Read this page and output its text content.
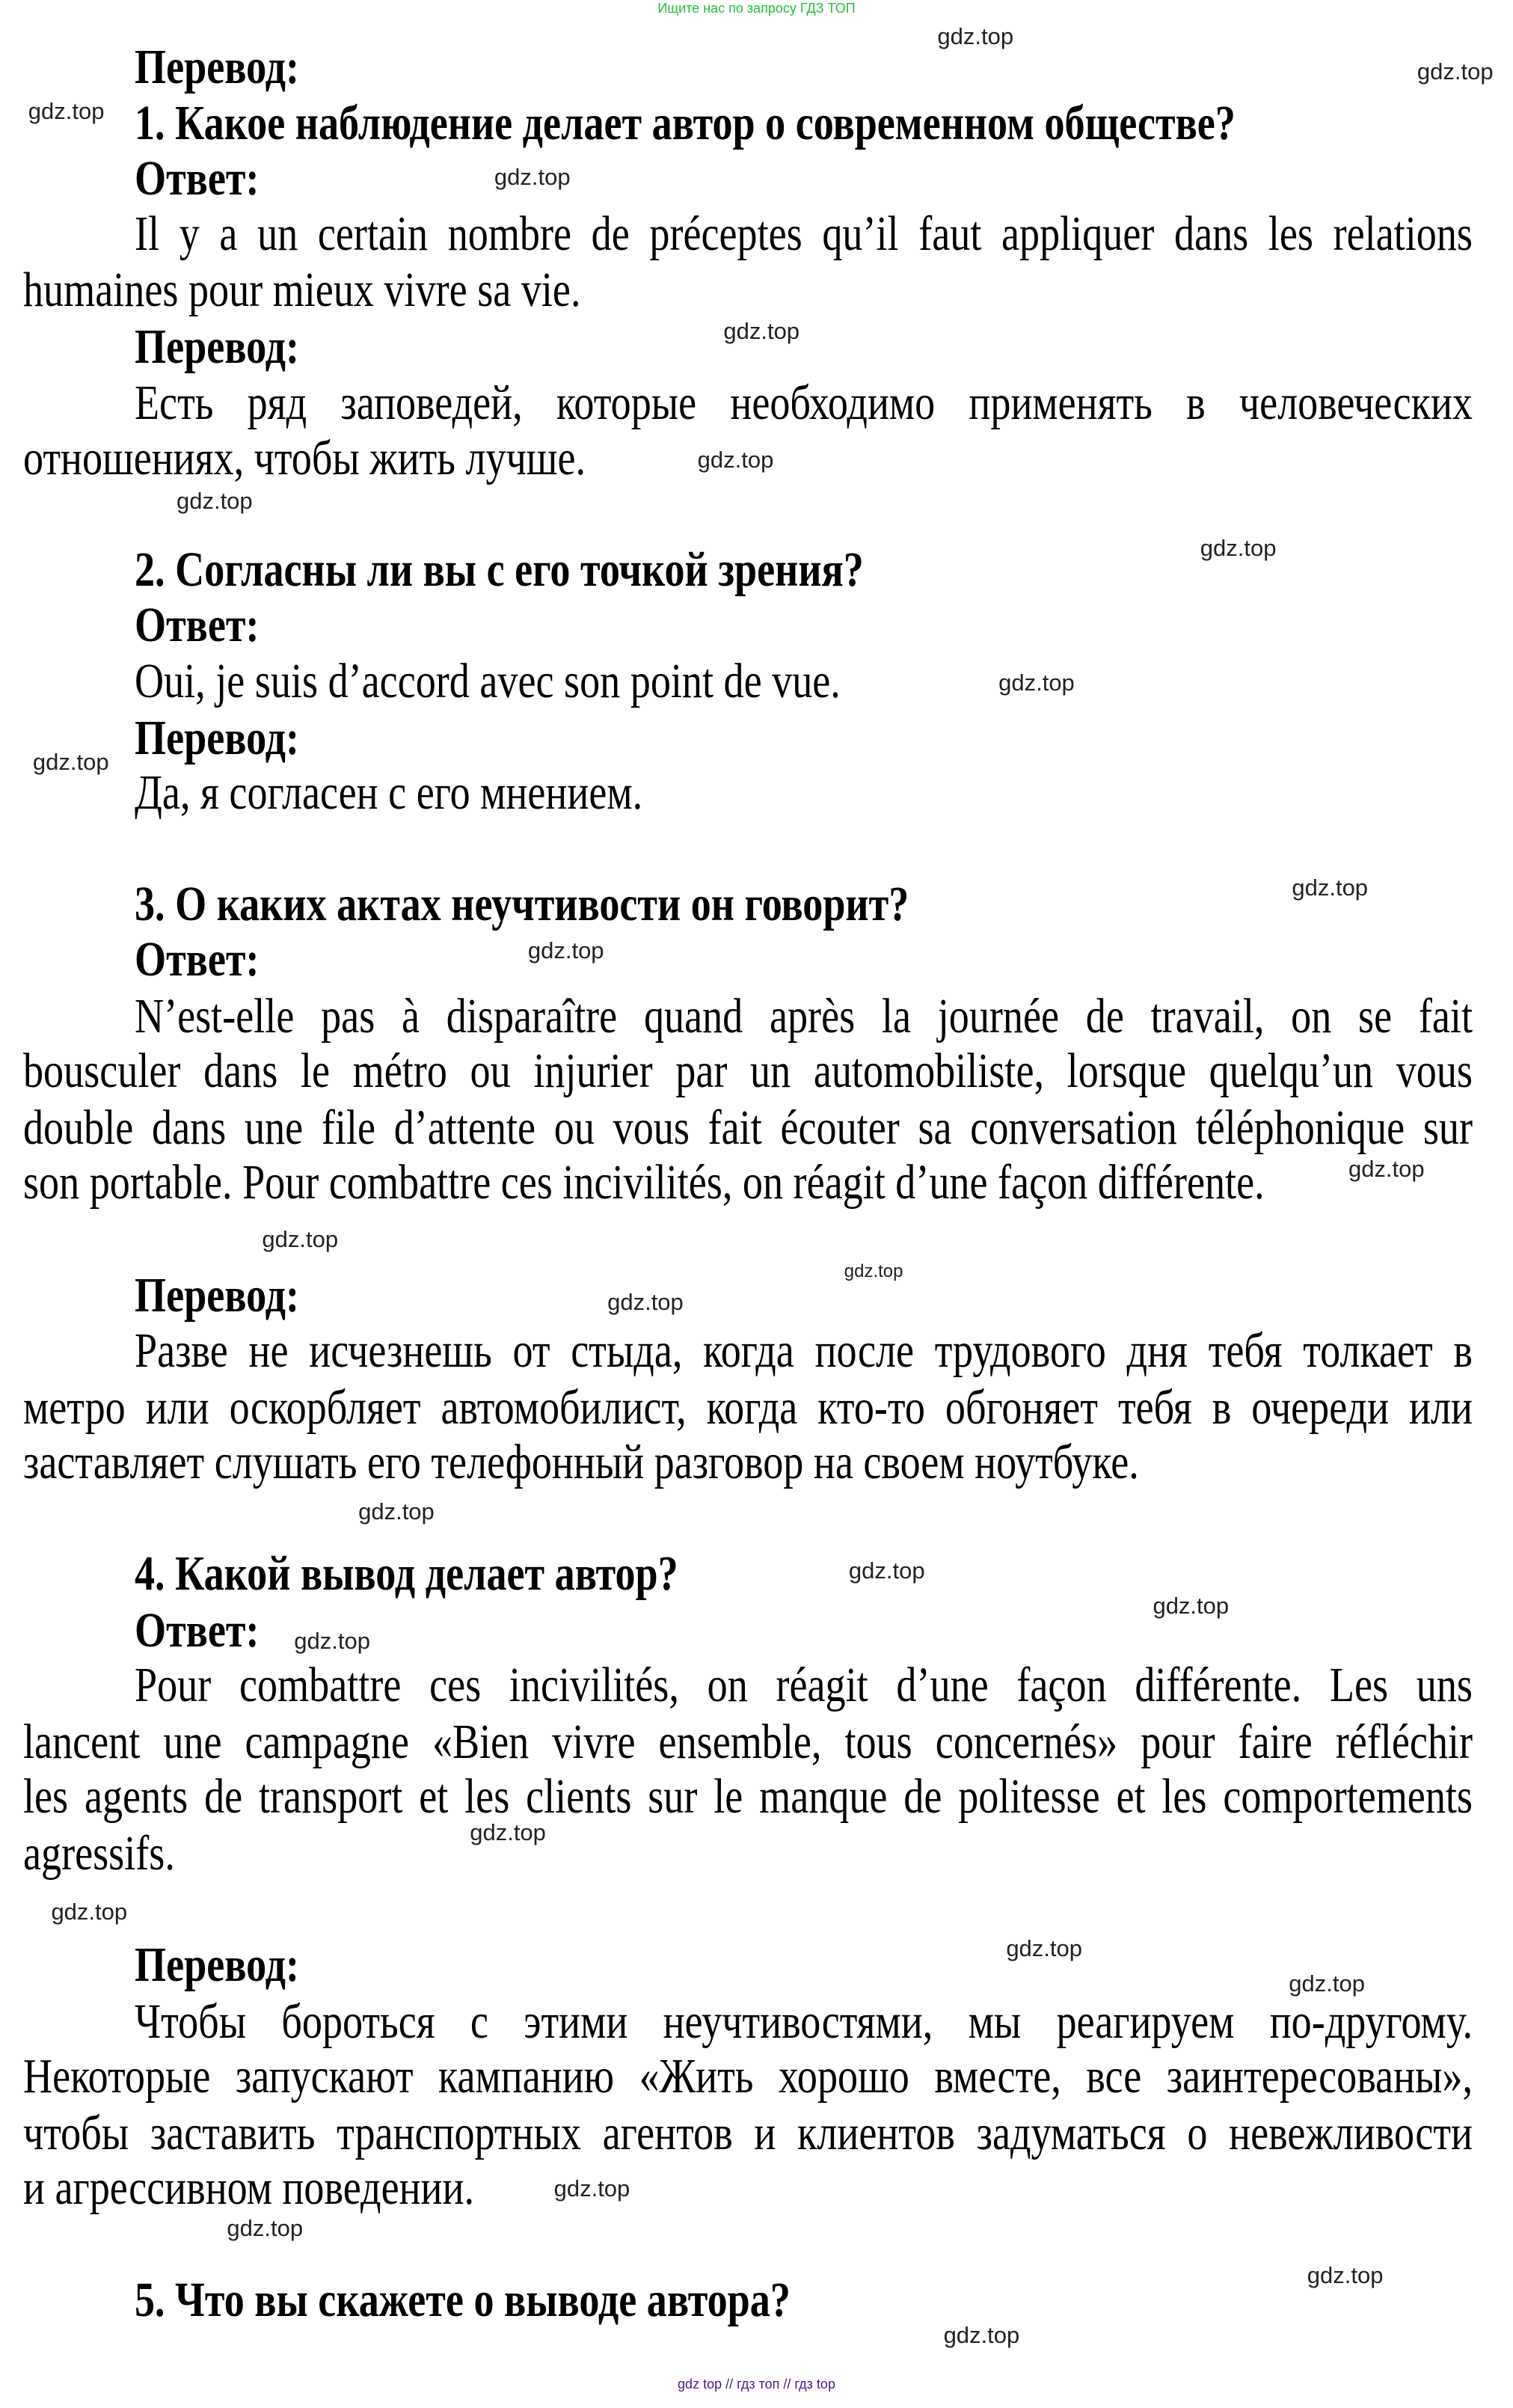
Ищите нас по запросу ГДЗ ТОП
Перевод:
1. Какое наблюдение делает автор о современном обществе?
Ответ:
Il y a un certain nombre de préceptes qu’il faut appliquer dans les relations
humaines pour mieux vivre sa vie.
Перевод:
Есть ряд заповедей, которые необходимо применять в человеческих
отношениях, чтобы жить лучше.
2. Согласны ли вы с его точкой зрения?
Ответ:
Oui, je suis d’accord avec son point de vue.
Перевод:
Да, я согласен с его мнением.
3. О каких актах неучтивости он говорит?
Ответ:
N’est-elle pas à disparaître quand après la journée de travail, on se fait
bousculer dans le métro ou injurier par un automobiliste, lorsque quelqu’un vous
double dans une file d’attente ou vous fait écouter sa conversation téléphonique sur
son portable. Pour combattre ces incivilités, on réagit d’une façon différente.
Перевод:
Разве не исчезнешь от стыда, когда после трудового дня тебя толкает в
метро или оскорбляет автомобилист, когда кто-то обгоняет тебя в очереди или
заставляет слушать его телефонный разговор на своем ноутбуке.
4. Какой вывод делает автор?
Ответ:
Pour combattre ces incivilités, on réagit d’une façon différente. Les uns
lancent une campagne «Bien vivre ensemble, tous concernés» pour faire réfléchir
les agents de transport et les clients sur le manque de politesse et les comportements
agressifs.
Перевод:
Чтобы бороться с этими неучтивостями, мы реагируем по-другому.
Некоторые запускают кампанию «Жить хорошо вместе, все заинтересованы»,
чтобы заставить транспортных агентов и клиентов задуматься о невежливости
и агрессивном поведении.
5. Что вы скажете о выводе автора?
gdz.top
gdz.top
gdz.top
gdz.top
gdz.top
gdz.top
gdz.top
gdz.top
gdz.top
gdz.top
gdz.top
gdz.top
gdz.top
gdz.top
gdz.top
gdz.top
gdz.top
gdz.top
gdz.top
gdz.top
gdz.top
gdz.top
gdz.top
gdz.top
gdz.top
gdz.top
gdz.top
gdz.top
gdz top // гдз топ // гдз top
